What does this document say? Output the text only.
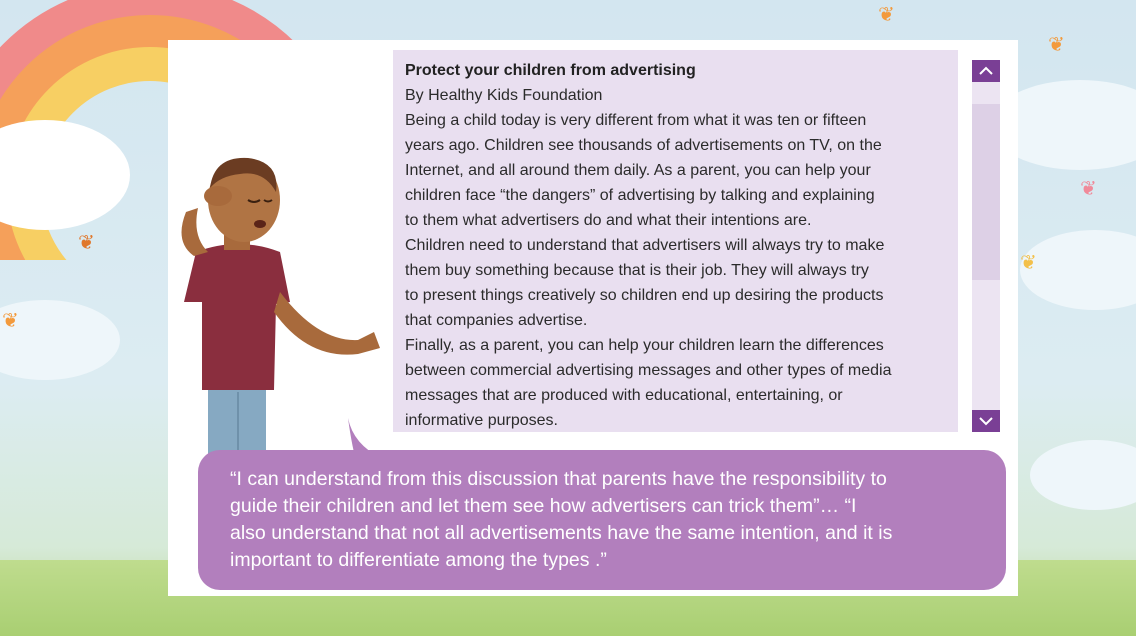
❦
❦
❦
❦
❦
❦
Protect your children from advertising
By Healthy Kids Foundation
Being a child today is very different from what it was ten or fifteen
years ago. Children see thousands of advertisements on TV, on the
Internet, and all around them daily. As a parent, you can help your
children face “the dangers” of advertising by talking and explaining
to them what advertisers do and what their intentions are.
Children need to understand that advertisers will always try to make
them buy something because that is their job. They will always try
to present things creatively so children end up desiring the products
that companies advertise.
Finally, as a parent, you can help your children learn the differences
between commercial advertising messages and other types of media
messages that are produced with educational, entertaining, or
informative purposes.
“I can understand from this discussion that parents have the responsibility to
guide their children and let them see how advertisers can trick them”… “I
also understand that not all advertisements have the same intention, and it is
important to differentiate among the types .”
